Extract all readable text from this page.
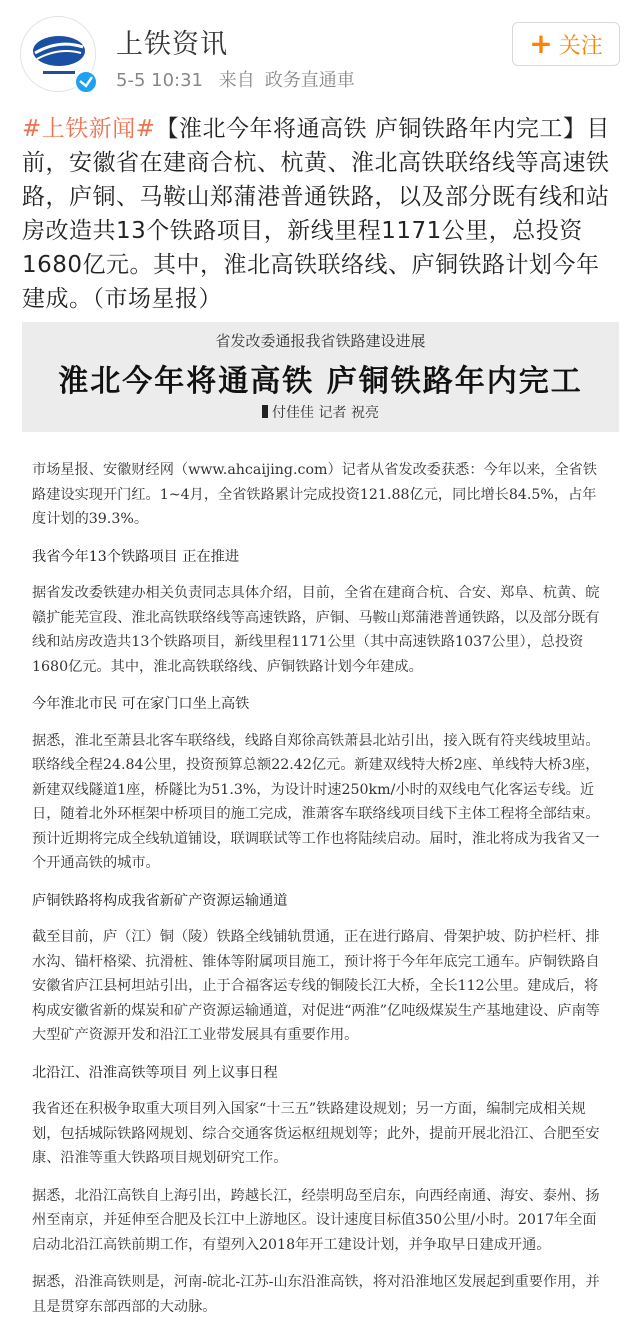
上铁资讯
5-5 10:31 来自 政务直通車
+ 关注
#上铁新闻#【淮北今年将通高铁 庐铜铁路年内完工】目前，安徽省在建商合杭、杭黄、淮北高铁联络线等高速铁路，庐铜、马鞍山郑蒲港普通铁路，以及部分既有线和站房改造共13个铁路项目，新线里程1171公里，总投资1680亿元。其中，淮北高铁联络线、庐铜铁路计划今年建成。（市场星报）
省发改委通报我省铁路建设进展
淮北今年将通高铁 庐铜铁路年内完工
付佳佳 记者 祝亮

市场星报、安徽财经网（www.ahcaijing.com）记者从省发改委获悉：今年以来，全省铁路建设实现开门红。1~4月，全省铁路累计完成投资121.88亿元，同比增长84.5%，占年度计划的39.3%。

我省今年13个铁路项目 正在推进

据省发改委铁建办相关负责同志具体介绍，目前，全省在建商合杭、合安、郑阜、杭黄、皖赣扩能芜宣段、淮北高铁联络线等高速铁路，庐铜、马鞍山郑蒲港普通铁路，以及部分既有线和站房改造共13个铁路项目，新线里程1171公里（其中高速铁路1037公里），总投资1680亿元。其中，淮北高铁联络线、庐铜铁路计划今年建成。

今年淮北市民 可在家门口坐上高铁

据悉，淮北至萧县北客车联络线，线路自郑徐高铁萧县北站引出，接入既有符夹线坡里站。联络线全程24.84公里，投资预算总额22.42亿元。新建双线特大桥2座、单线特大桥3座，新建双线隧道1座，桥隧比为51.3%，为设计时速250km/小时的双线电气化客运专线。近日，随着北外环框架中桥项目的施工完成，淮萧客车联络线项目线下主体工程将全部结束。预计近期将完成全线轨道铺设，联调联试等工作也将陆续启动。届时，淮北将成为我省又一个开通高铁的城市。

庐铜铁路将构成我省新矿产资源运输通道

截至目前，庐（江）铜（陵）铁路全线铺轨贯通，正在进行路肩、骨架护坡、防护栏杆、排水沟、锚杆格梁、抗滑桩、锥体等附属项目施工，预计将于今年年底完工通车。庐铜铁路自安徽省庐江县柯坦站引出，止于合福客运专线的铜陵长江大桥，全长112公里。建成后，将构成安徽省新的煤炭和矿产资源运输通道，对促进“两淮”亿吨级煤炭生产基地建设、庐南等大型矿产资源开发和沿江工业带发展具有重要作用。

北沿江、沿淮高铁等项目 列上议事日程

我省还在积极争取重大项目列入国家“十三五”铁路建设规划；另一方面，编制完成相关规划，包括城际铁路网规划、综合交通客货运枢纽规划等；此外，提前开展北沿江、合肥至安康、沿淮等重大铁路项目规划研究工作。

据悉，北沿江高铁自上海引出，跨越长江，经崇明岛至启东，向西经南通、海安、泰州、扬州至南京，并延伸至合肥及长江中上游地区。设计速度目标值350公里/小时。2017年全面启动北沿江高铁前期工作，有望列入2018年开工建设计划，并争取早日建成开通。

据悉，沿淮高铁则是，河南-皖北-江苏-山东沿淮高铁，将对沿淮地区发展起到重要作用，并且是贯穿东部西部的大动脉。
